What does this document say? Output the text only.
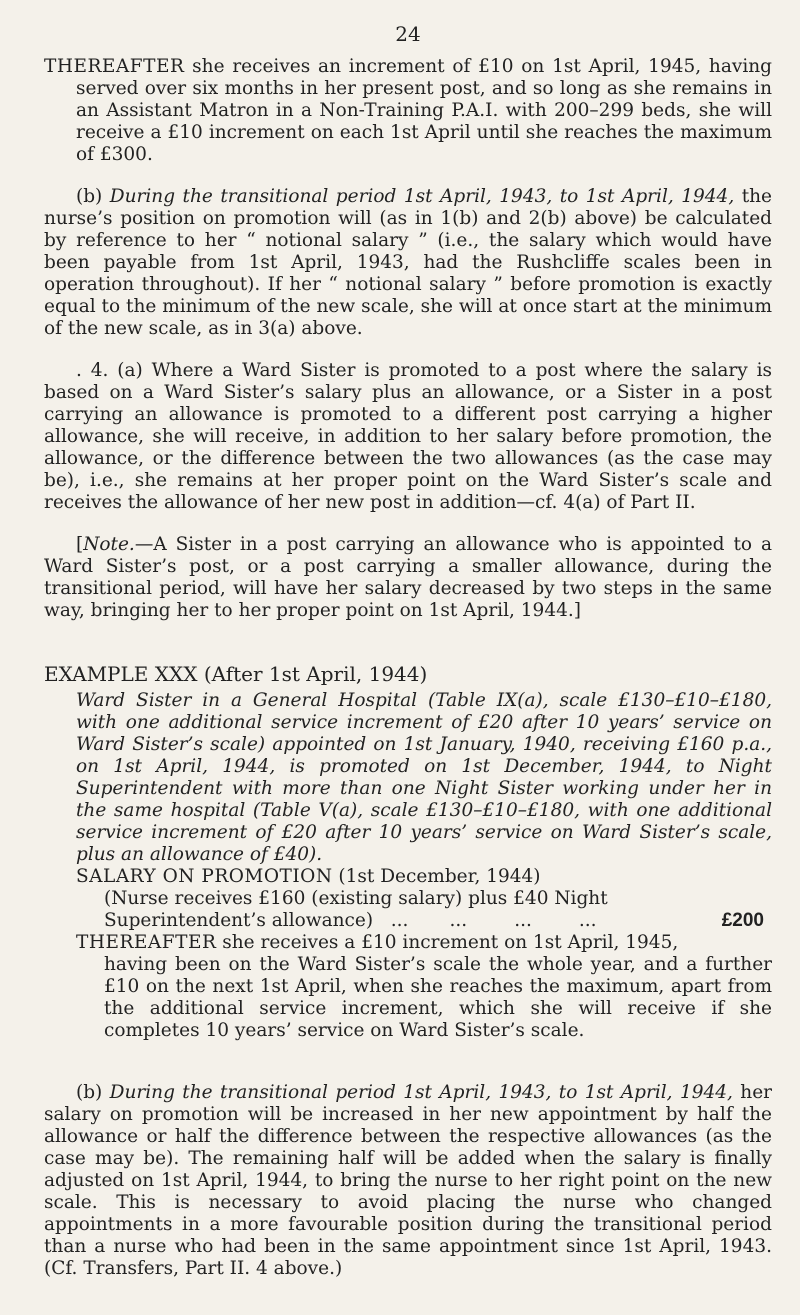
24

THEREAFTER she receives an increment of £10 on 1st April, 1945, having served over six months in her present post, and so long as she remains in an Assistant Matron in a Non-Training P.A.I. with 200–299 beds, she will receive a £10 increment on each 1st April until she reaches the maximum of £300.

(b) During the transitional period 1st April, 1943, to 1st April, 1944, the nurse’s position on promotion will (as in 1(b) and 2(b) above) be calculated by reference to her “ notional salary ” (i.e., the salary which would have been payable from 1st April, 1943, had the Rushcliffe scales been in operation throughout). If her “ notional salary ” before promotion is exactly equal to the minimum of the new scale, she will at once start at the minimum of the new scale, as in 3(a) above.

. 4. (a) Where a Ward Sister is promoted to a post where the salary is based on a Ward Sister’s salary plus an allowance, or a Sister in a post carrying an allowance is promoted to a different post carrying a higher allowance, she will receive, in addition to her salary before promotion, the allowance, or the difference between the two allowances (as the case may be), i.e., she remains at her proper point on the Ward Sister’s scale and receives the allowance of her new post in addition—cf. 4(a) of Part II.

[Note.—A Sister in a post carrying an allowance who is appointed to a Ward Sister’s post, or a post carrying a smaller allowance, during the transitional period, will have her salary decreased by two steps in the same way, bringing her to her proper point on 1st April, 1944.]

EXAMPLE XXX (After 1st April, 1944)

Ward Sister in a General Hospital (Table IX(a), scale £130–£10–£180, with one additional service increment of £20 after 10 years’ service on Ward Sister’s scale) appointed on 1st January, 1940, receiving £160 p.a., on 1st April, 1944, is promoted on 1st December, 1944, to Night Superintendent with more than one Night Sister working under her in the same hospital (Table V(a), scale £130–£10–£180, with one additional service increment of £20 after 10 years’ service on Ward Sister’s scale, plus an allowance of £40).

SALARY ON PROMOTION (1st December, 1944)

(Nurse receives £160 (existing salary) plus £40 Night

Superintendent’s allowance)   ...       ...        ...        ...	£200

THEREAFTER she receives a £10 increment on 1st April, 1945,

having been on the Ward Sister’s scale the whole year, and a further £10 on the next 1st April, when she reaches the maximum, apart from the additional service increment, which she will receive if she completes 10 years’ service on Ward Sister’s scale.

(b) During the transitional period 1st April, 1943, to 1st April, 1944, her salary on promotion will be increased in her new appointment by half the allowance or half the difference between the respective allowances (as the case may be). The remaining half will be added when the salary is finally adjusted on 1st April, 1944, to bring the nurse to her right point on the new scale. This is necessary to avoid placing the nurse who changed appointments in a more favourable position during the transitional period than a nurse who had been in the same appointment since 1st April, 1943. (Cf. Transfers, Part II. 4 above.)
